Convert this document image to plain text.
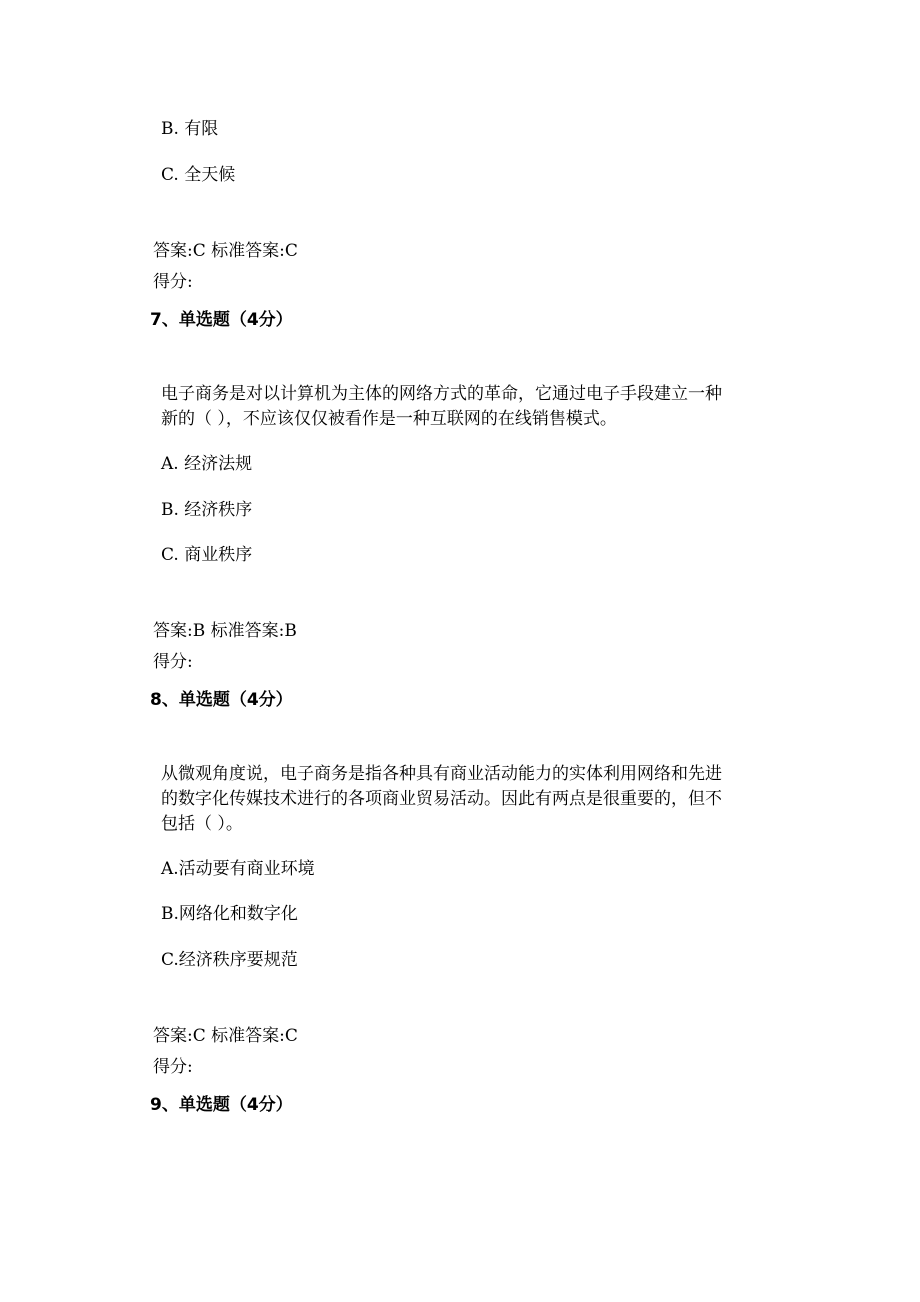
B. 有限
C. 全天候
答案:C 标准答案:C
得分:
7、单选题（4分）
电子商务是对以计算机为主体的网络方式的革命，它通过电子手段建立一种
新的（ ），不应该仅仅被看作是一种互联网的在线销售模式。
A. 经济法规
B. 经济秩序
C. 商业秩序
答案:B 标准答案:B
得分:
8、单选题（4分）
从微观角度说，电子商务是指各种具有商业活动能力的实体利用网络和先进
的数字化传媒技术进行的各项商业贸易活动。因此有两点是很重要的，但不
包括（ ）。
A.活动要有商业环境
B.网络化和数字化
C.经济秩序要规范
答案:C 标准答案:C
得分:
9、单选题（4分）
